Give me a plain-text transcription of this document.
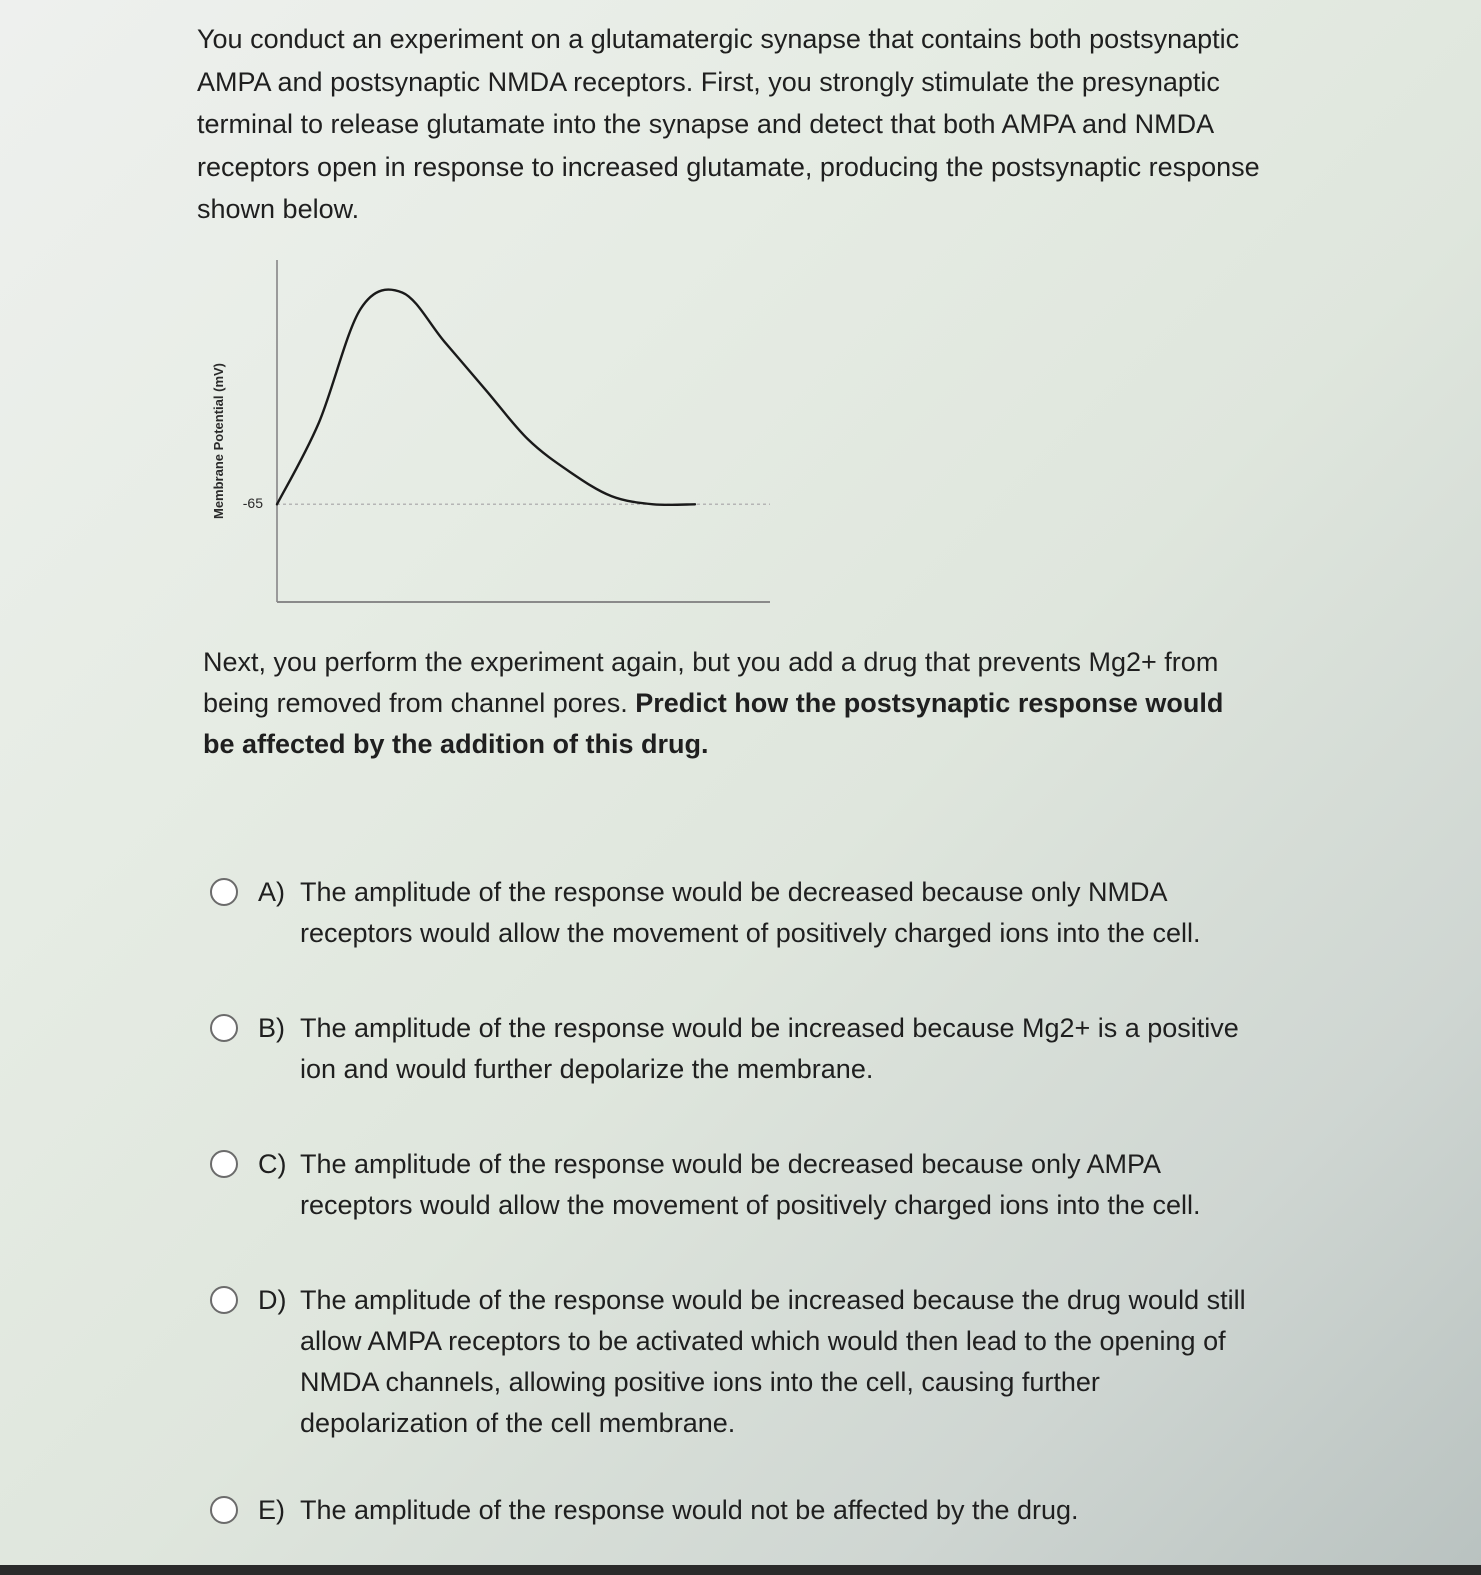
You conduct an experiment on a glutamatergic synapse that contains both postsynaptic AMPA and postsynaptic NMDA receptors. First, you strongly stimulate the presynaptic terminal to release glutamate into the synapse and detect that both AMPA and NMDA receptors open in response to increased glutamate, producing the postsynaptic response shown below.

Membrane Potential (mV) -65

Next, you perform the experiment again, but you add a drug that prevents Mg2+ from being removed from channel pores. Predict how the postsynaptic response would be affected by the addition of this drug.

A) The amplitude of the response would be decreased because only NMDA receptors would allow the movement of positively charged ions into the cell.
B) The amplitude of the response would be increased because Mg2+ is a positive ion and would further depolarize the membrane.
C) The amplitude of the response would be decreased because only AMPA receptors would allow the movement of positively charged ions into the cell.
D) The amplitude of the response would be increased because the drug would still allow AMPA receptors to be activated which would then lead to the opening of NMDA channels, allowing positive ions into the cell, causing further depolarization of the cell membrane.
E) The amplitude of the response would not be affected by the drug.
